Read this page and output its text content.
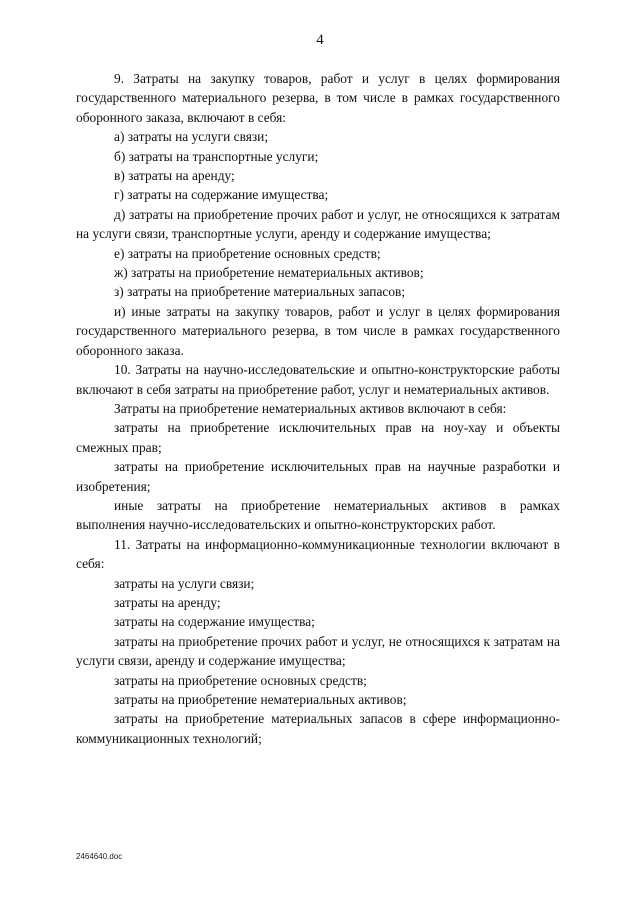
4

9. Затраты на закупку товаров, работ и услуг в целях формирования государственного материального резерва, в том числе в рамках государственного оборонного заказа, включают в себя:

а) затраты на услуги связи;

б) затраты на транспортные услуги;

в) затраты на аренду;

г) затраты на содержание имущества;

д) затраты на приобретение прочих работ и услуг, не относящихся к затратам на услуги связи, транспортные услуги, аренду и содержание имущества;

е) затраты на приобретение основных средств;

ж) затраты на приобретение нематериальных активов;

з) затраты на приобретение материальных запасов;

и) иные затраты на закупку товаров, работ и услуг в целях формирования государственного материального резерва, в том числе в рамках государственного оборонного заказа.

10. Затраты на научно-исследовательские и опытно-конструкторские работы включают в себя затраты на приобретение работ, услуг и нематериальных активов.

Затраты на приобретение нематериальных активов включают в себя:

затраты на приобретение исключительных прав на ноу-хау и объекты смежных прав;

затраты на приобретение исключительных прав на научные разработки и изобретения;

иные затраты на приобретение нематериальных активов в рамках выполнения научно-исследовательских и опытно-конструкторских работ.

11. Затраты на информационно-коммуникационные технологии включают в себя:

затраты на услуги связи;

затраты на аренду;

затраты на содержание имущества;

затраты на приобретение прочих работ и услуг, не относящихся к затратам на услуги связи, аренду и содержание имущества;

затраты на приобретение основных средств;

затраты на приобретение нематериальных активов;

затраты на приобретение материальных запасов в сфере информационно-коммуникационных технологий;

2464640.doc
